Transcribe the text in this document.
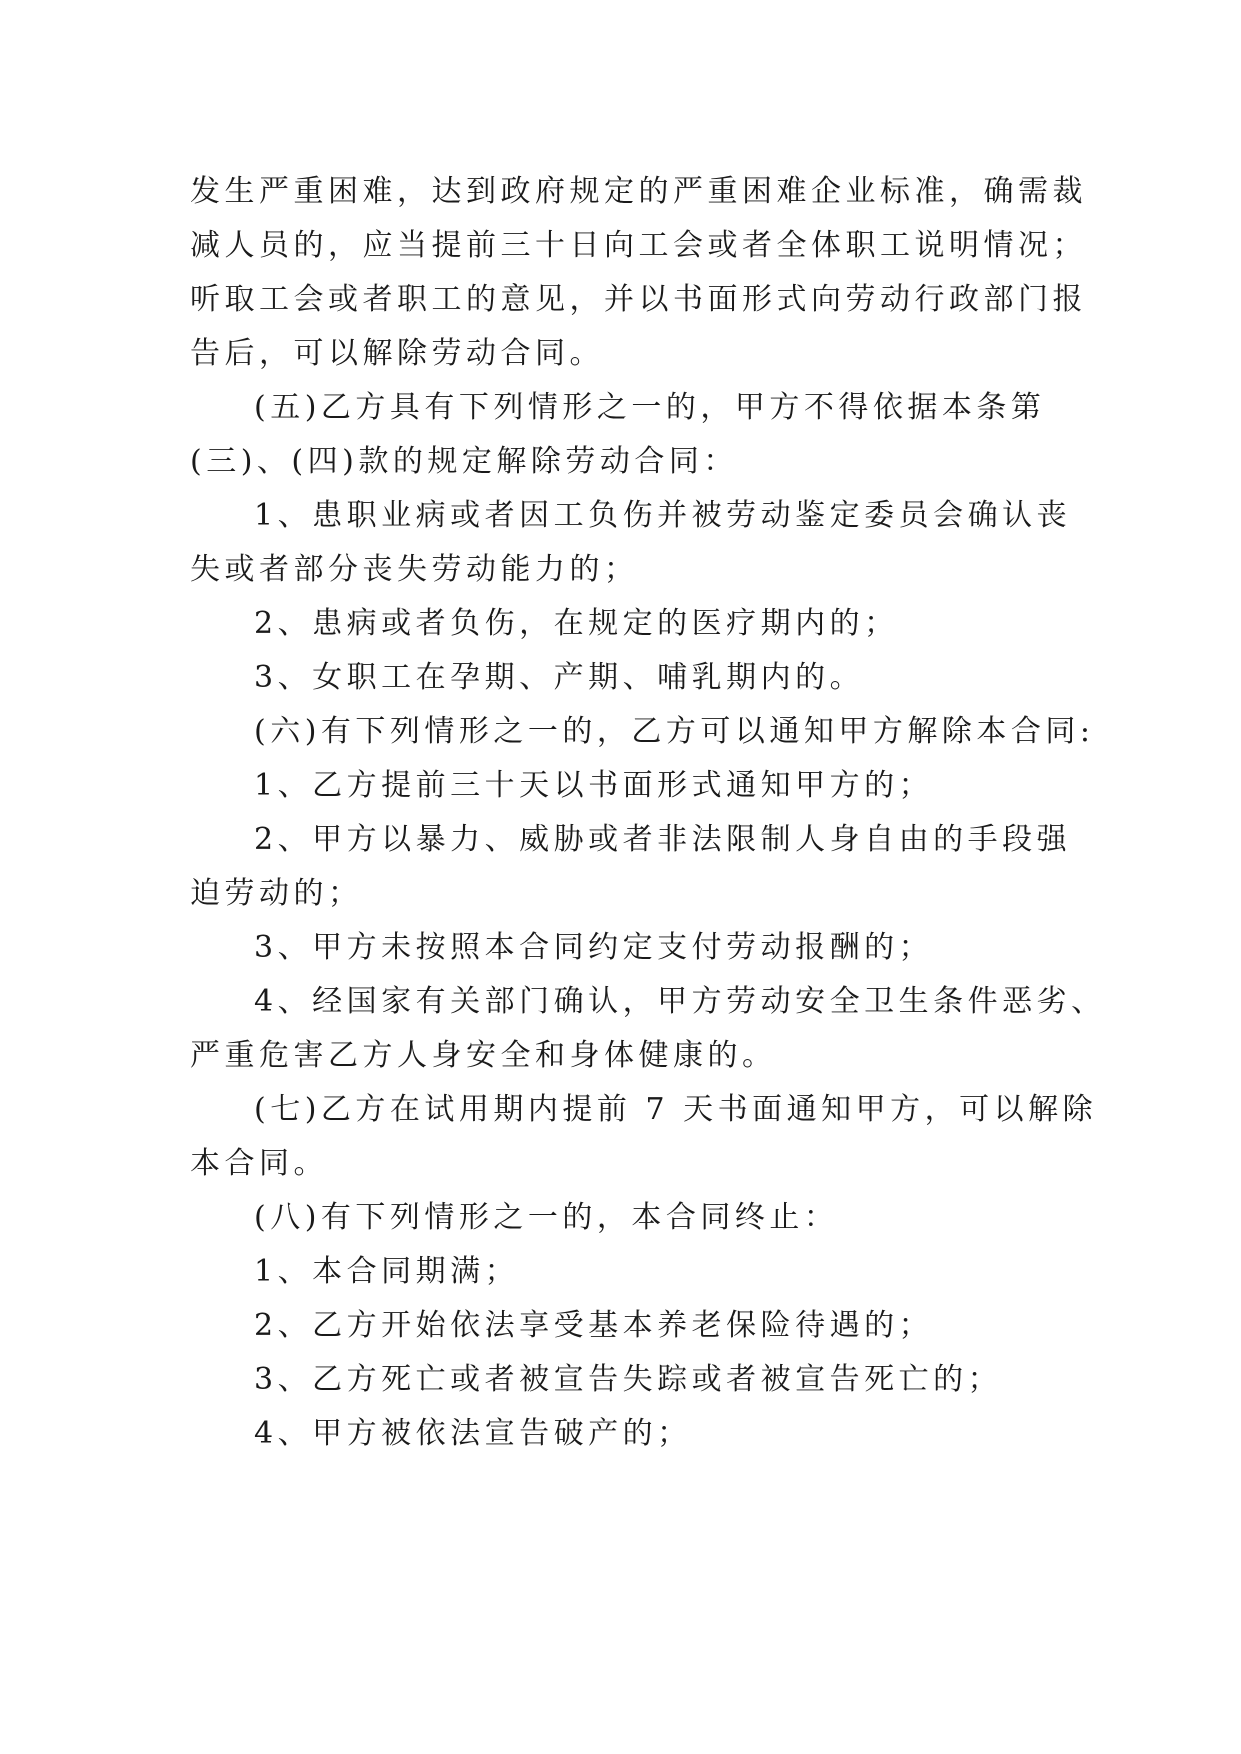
发生严重困难，达到政府规定的严重困难企业标准，确需裁
减人员的，应当提前三十日向工会或者全体职工说明情况；
听取工会或者职工的意见，并以书面形式向劳动行政部门报
告后，可以解除劳动合同。
(五)乙方具有下列情形之一的，甲方不得依据本条第
(三)、(四)款的规定解除劳动合同：
1、患职业病或者因工负伤并被劳动鉴定委员会确认丧
失或者部分丧失劳动能力的；
2、患病或者负伤，在规定的医疗期内的；
3、女职工在孕期、产期、哺乳期内的。
(六)有下列情形之一的，乙方可以通知甲方解除本合同:
1、乙方提前三十天以书面形式通知甲方的；
2、甲方以暴力、威胁或者非法限制人身自由的手段强
迫劳动的；
3、甲方未按照本合同约定支付劳动报酬的；
4、经国家有关部门确认，甲方劳动安全卫生条件恶劣、
严重危害乙方人身安全和身体健康的。
(七)乙方在试用期内提前 7 天书面通知甲方，可以解除
本合同。
(八)有下列情形之一的，本合同终止：
1、本合同期满；
2、乙方开始依法享受基本养老保险待遇的；
3、乙方死亡或者被宣告失踪或者被宣告死亡的；
4、甲方被依法宣告破产的；
